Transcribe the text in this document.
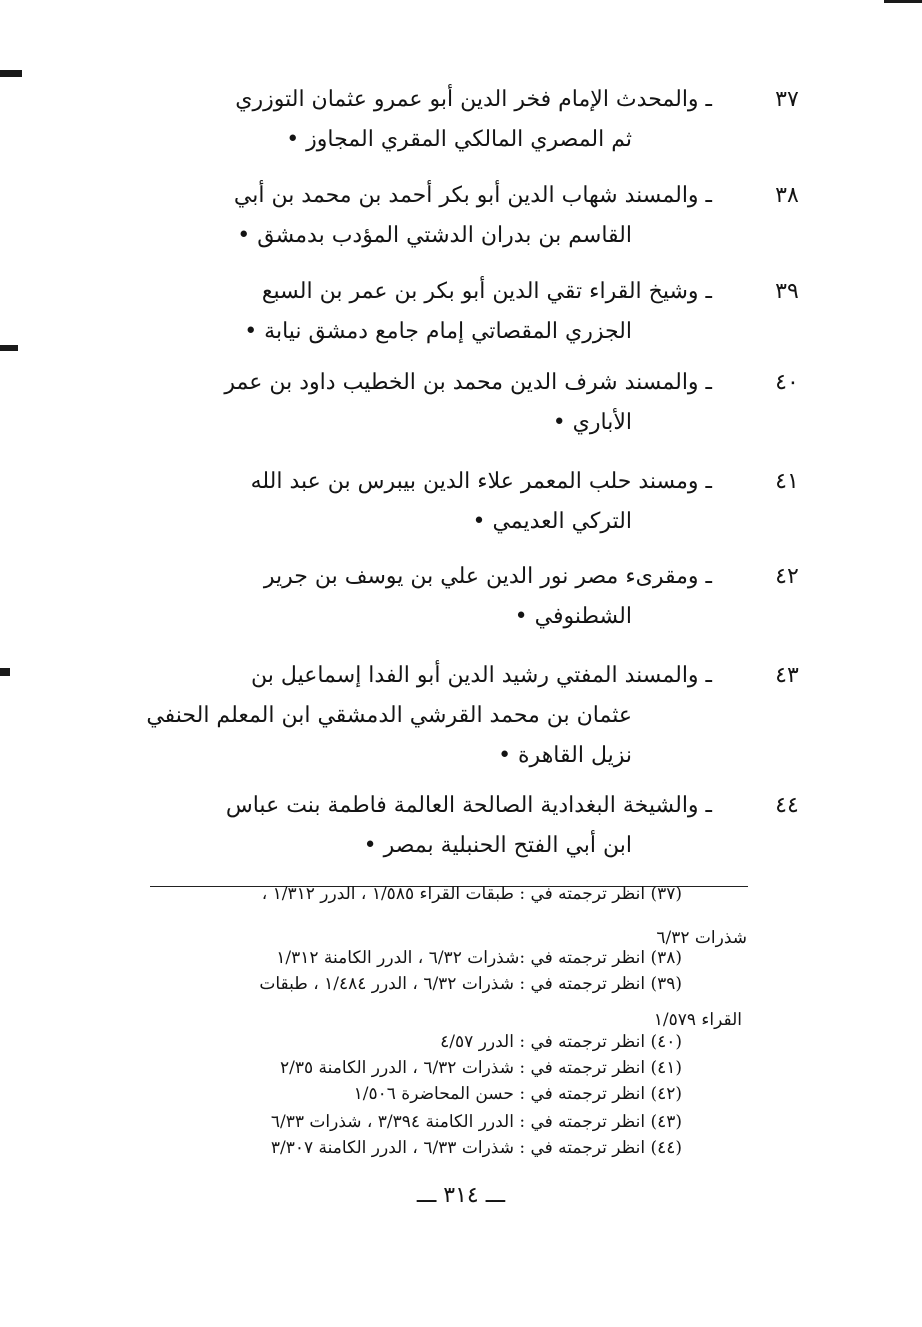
٣٧
ـ والمحدث الإمام فخر الدين أبو عمرو عثمان التوزري
ثم المصري المالكي المقري المجاوز •
٣٨
ـ والمسند شهاب الدين أبو بكر أحمد بن محمد بن أبي
القاسم بن بدران الدشتي المؤدب بدمشق •
٣٩
ـ وشيخ القراء تقي الدين أبو بكر بن عمر بن السبع
الجزري المقصاتي إمام جامع دمشق نيابة •
٤٠
ـ والمسند شرف الدين محمد بن الخطيب داود بن عمر
الأباري •
٤١
ـ ومسند حلب المعمر علاء الدين بيبرس بن عبد الله
التركي العديمي •
٤٢
ـ ومقرىء مصر نور الدين علي بن يوسف بن جرير
الشطنوفي •
٤٣
ـ والمسند المفتي رشيد الدين أبو الفدا إسماعيل بن
عثمان بن محمد القرشي الدمشقي ابن المعلم الحنفي
نزيل القاهرة •
٤٤
ـ والشيخة البغدادية الصالحة العالمة فاطمة بنت عباس
ابن أبي الفتح الحنبلية بمصر •
(٣٧) انظر ترجمته في : طبقات القراء ١/٥٨٥ ، الدرر ١/٣١٢ ،
شذرات ٦/٣٢
(٣٨) انظر ترجمته في :شذرات ٦/٣٢ ، الدرر الكامنة ١/٣١٢
(٣٩) انظر ترجمته في : شذرات ٦/٣٢ ، الدرر ١/٤٨٤ ، طبقات
القراء ١/٥٧٩
(٤٠) انظر ترجمته في : الدرر ٤/٥٧
(٤١) انظر ترجمته في : شذرات ٦/٣٢ ، الدرر الكامنة ٢/٣٥
(٤٢) انظر ترجمته في : حسن المحاضرة ١/٥٠٦
(٤٣) انظر ترجمته في : الدرر الكامنة ٣/٣٩٤ ، شذرات ٦/٣٣
(٤٤) انظر ترجمته في : شذرات ٦/٣٣ ، الدرر الكامنة ٣/٣٠٧
ـــ ٣١٤ ـــ
